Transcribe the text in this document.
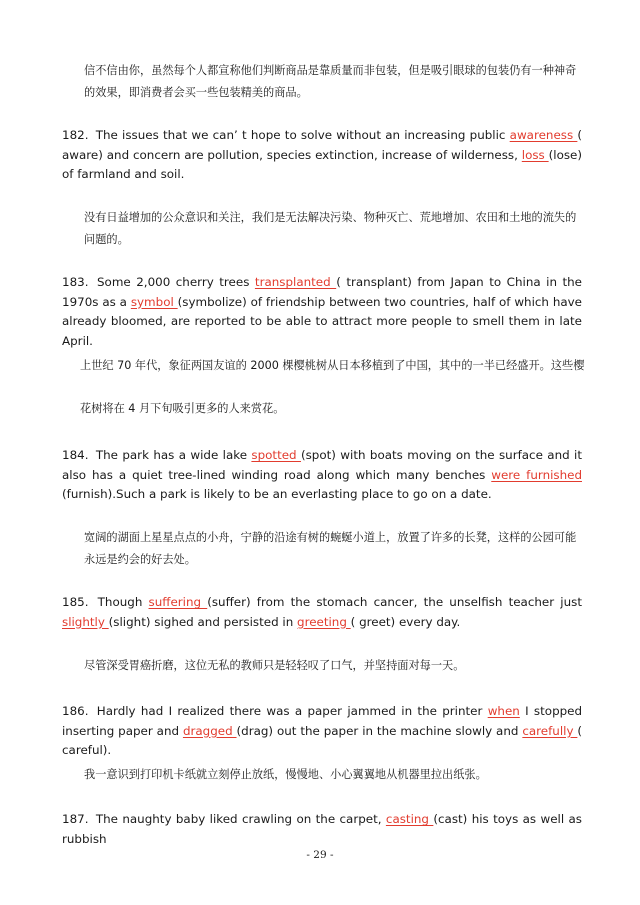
信不信由你，虽然每个人都宣称他们判断商品是靠质量而非包装，但是吸引眼球的包装仍有一种神奇
的效果，即消费者会买一些包装精美的商品。
182. The issues that we can’ t hope to solve without an increasing public awareness ( aware) and concern are pollution, species extinction, increase of wilderness, loss (lose) of farmland and soil.
没有日益增加的公众意识和关注，我们是无法解决污染、物种灭亡、荒地增加、农田和土地的流失的
问题的。
183. Some 2,000 cherry trees transplanted ( transplant) from Japan to China in the 1970s as a symbol (symbolize) of friendship between two countries, half of which have already bloomed, are reported to be able to attract more people to smell them in late April.
上世纪 70 年代，象征两国友谊的 2000 棵樱桃树从日本移植到了中国，其中的一半已经盛开。这些樱
花树将在 4 月下旬吸引更多的人来赏花。
184. The park has a wide lake spotted (spot) with boats moving on the surface and it also has a quiet tree-lined winding road along which many benches were furnished (furnish).Such a park is likely to be an everlasting place to go on a date.
宽阔的湖面上星星点点的小舟，宁静的沿途有树的蜿蜒小道上，放置了许多的长凳，这样的公园可能
永远是约会的好去处。
185. Though suffering (suffer) from the stomach cancer, the unselfish teacher just slightly (slight) sighed and persisted in greeting ( greet) every day.
尽管深受胃癌折磨，这位无私的教师只是轻轻叹了口气，并坚持面对每一天。
186. Hardly had I realized there was a paper jammed in the printer when I stopped inserting paper and dragged (drag) out the paper in the machine slowly and carefully ( careful).
我一意识到打印机卡纸就立刻停止放纸，慢慢地、小心翼翼地从机器里拉出纸张。
187. The naughty baby liked crawling on the carpet, casting (cast) his toys as well as rubbish
- 29 -
